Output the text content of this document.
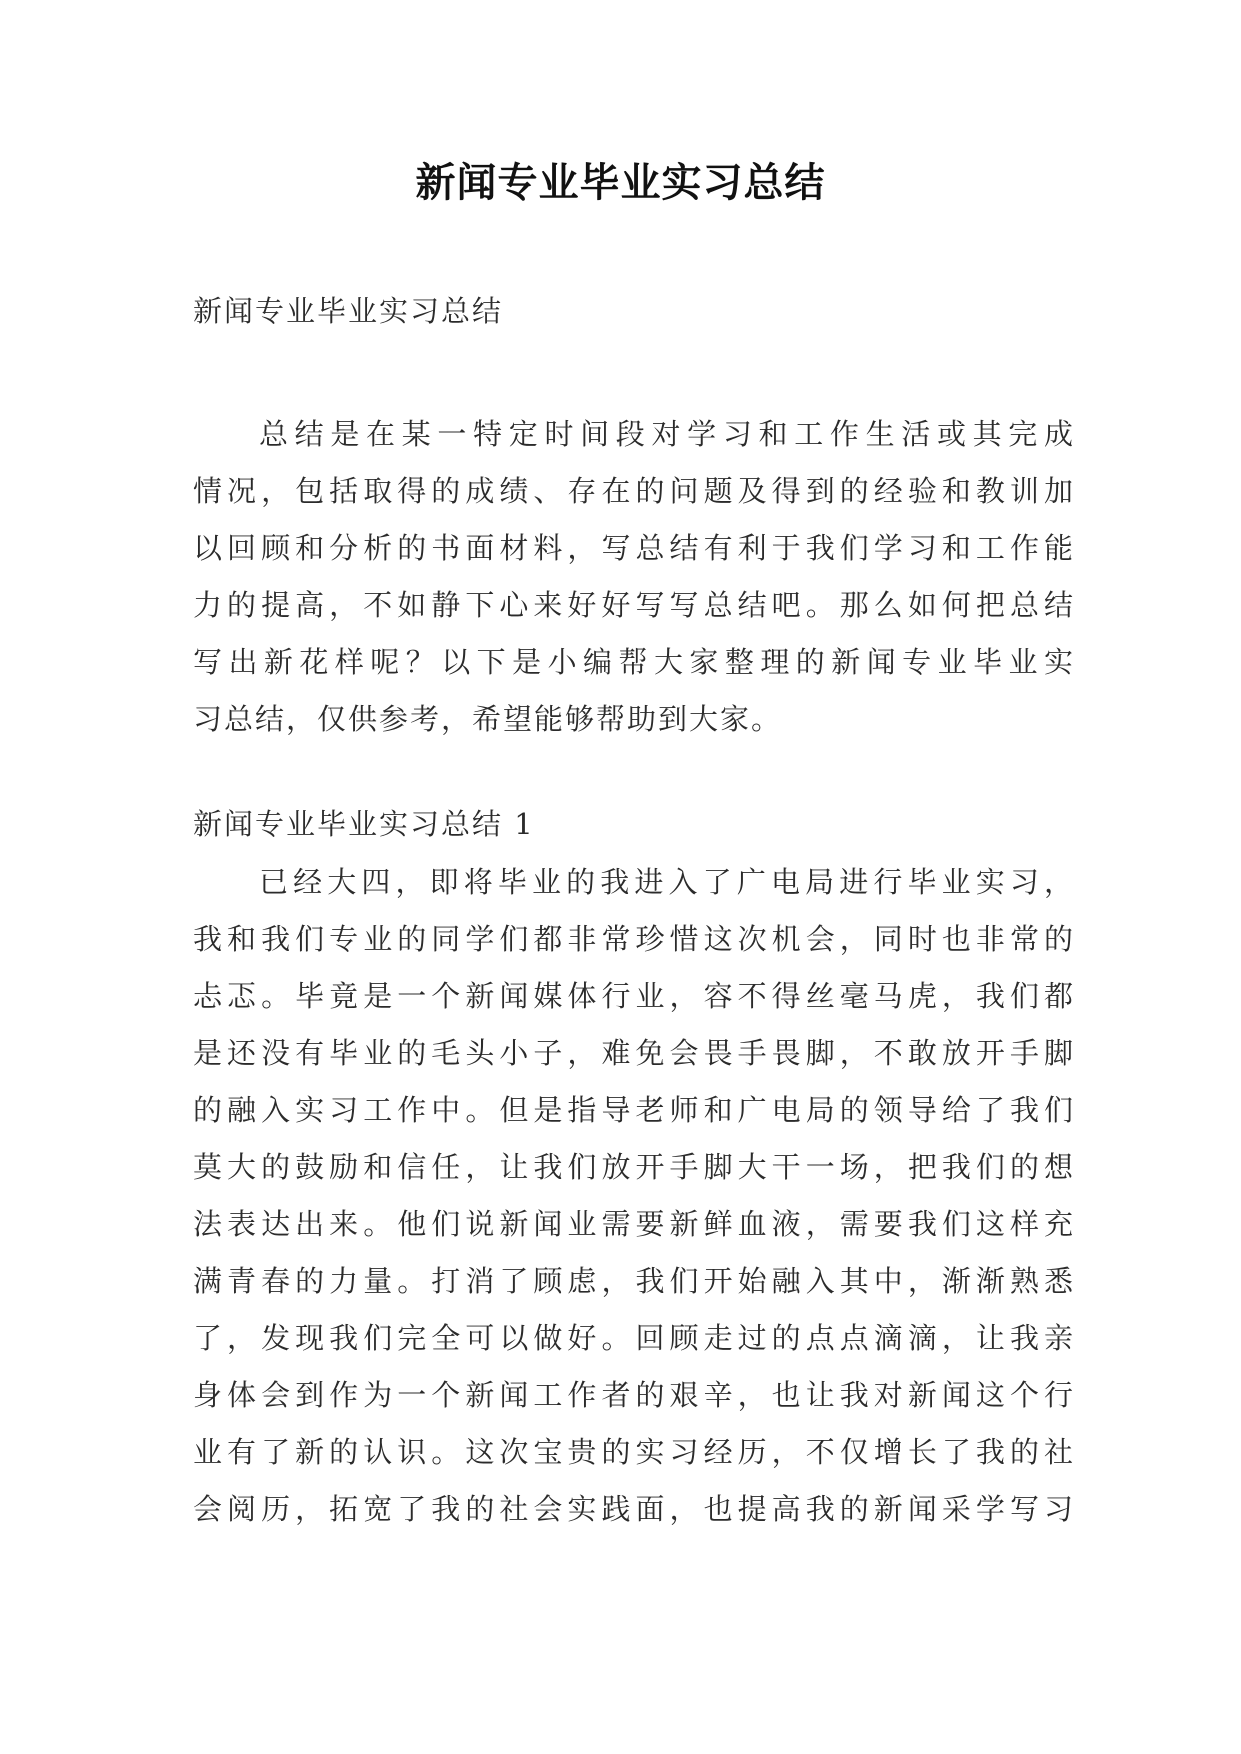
新闻专业毕业实习总结
新闻专业毕业实习总结
总结是在某一特定时间段对学习和工作生活或其完成
情况，包括取得的成绩、存在的问题及得到的经验和教训加
以回顾和分析的书面材料，写总结有利于我们学习和工作能
力的提高，不如静下心来好好写写总结吧。那么如何把总结
写出新花样呢？以下是小编帮大家整理的新闻专业毕业实
习总结，仅供参考，希望能够帮助到大家。
新闻专业毕业实习总结 1
已经大四，即将毕业的我进入了广电局进行毕业实习，
我和我们专业的同学们都非常珍惜这次机会，同时也非常的
忐忑。毕竟是一个新闻媒体行业，容不得丝毫马虎，我们都
是还没有毕业的毛头小子，难免会畏手畏脚，不敢放开手脚
的融入实习工作中。但是指导老师和广电局的领导给了我们
莫大的鼓励和信任，让我们放开手脚大干一场，把我们的想
法表达出来。他们说新闻业需要新鲜血液，需要我们这样充
满青春的力量。打消了顾虑，我们开始融入其中，渐渐熟悉
了，发现我们完全可以做好。回顾走过的点点滴滴，让我亲
身体会到作为一个新闻工作者的艰辛，也让我对新闻这个行
业有了新的认识。这次宝贵的实习经历，不仅增长了我的社
会阅历，拓宽了我的社会实践面，也提高我的新闻采学写习
